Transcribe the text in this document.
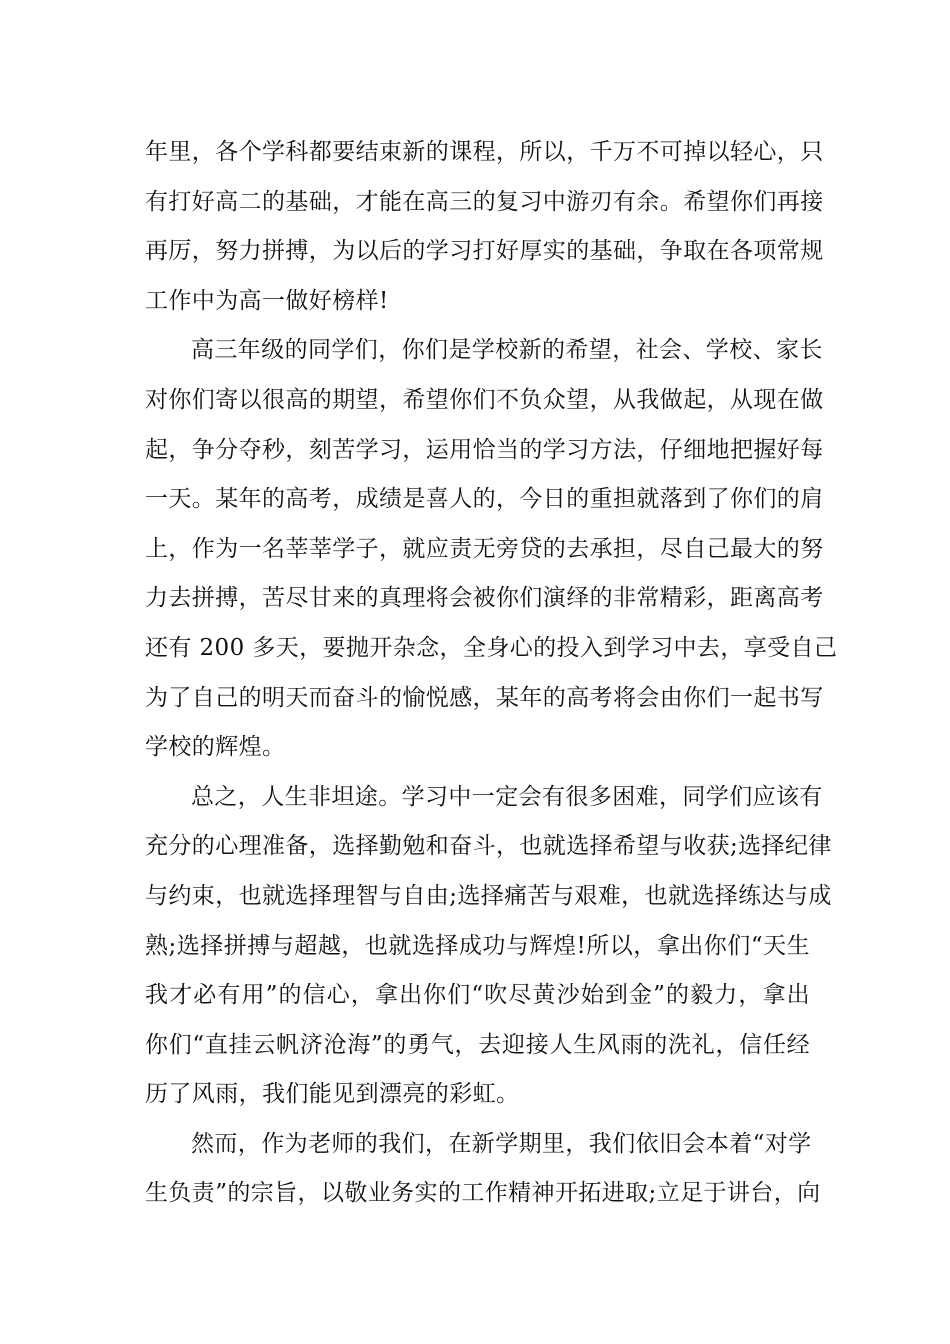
年里，各个学科都要结束新的课程，所以，千万不可掉以轻心，只
有打好高二的基础，才能在高三的复习中游刃有余。希望你们再接
再厉，努力拼搏，为以后的学习打好厚实的基础，争取在各项常规
工作中为高一做好榜样!
高三年级的同学们，你们是学校新的希望，社会、学校、家长
对你们寄以很高的期望，希望你们不负众望，从我做起，从现在做
起，争分夺秒，刻苦学习，运用恰当的学习方法，仔细地把握好每
一天。某年的高考，成绩是喜人的，今日的重担就落到了你们的肩
上，作为一名莘莘学子，就应责无旁贷的去承担，尽自己最大的努
力去拼搏，苦尽甘来的真理将会被你们演绎的非常精彩，距离高考
还有 200 多天，要抛开杂念，全身心的投入到学习中去，享受自己
为了自己的明天而奋斗的愉悦感，某年的高考将会由你们一起书写
学校的辉煌。
总之，人生非坦途。学习中一定会有很多困难，同学们应该有
充分的心理准备，选择勤勉和奋斗，也就选择希望与收获;选择纪律
与约束，也就选择理智与自由;选择痛苦与艰难，也就选择练达与成
熟;选择拼搏与超越，也就选择成功与辉煌!所以，拿出你们“天生
我才必有用”的信心，拿出你们“吹尽黄沙始到金”的毅力，拿出
你们“直挂云帆济沧海”的勇气，去迎接人生风雨的洗礼，信任经
历了风雨，我们能见到漂亮的彩虹。
然而，作为老师的我们，在新学期里，我们依旧会本着“对学
生负责”的宗旨，以敬业务实的工作精神开拓进取;立足于讲台，向
